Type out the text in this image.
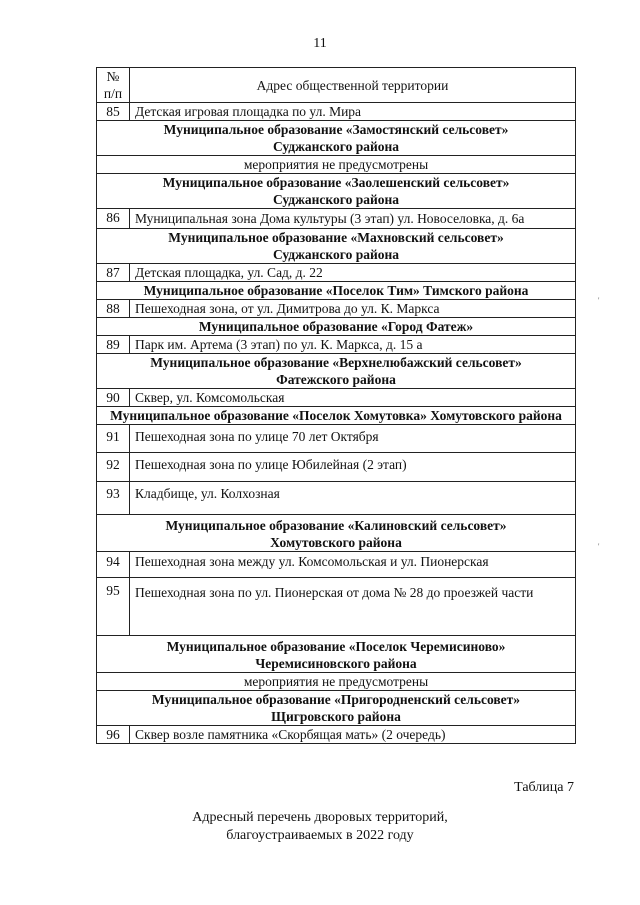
11
№ п/п	Адрес общественной территории
85	Детская игровая площадка по ул. Мира
Муниципальное образование «Замостянский сельсовет» Суджанского района	
мероприятия не предусмотрены	
Муниципальное образование «Заолешенский сельсовет» Суджанского района	
86	Муниципальная зона Дома культуры (3 этап) ул. Новоселовка, д. 6а
Муниципальное образование «Махновский сельсовет» Суджанского района	
87	Детская площадка, ул. Сад, д. 22
Муниципальное образование «Поселок Тим» Тимского района	
88	Пешеходная зона, от ул. Димитрова до ул. К. Маркса
Муниципальное образование «Город Фатеж»	
89	Парк им. Артема (3 этап) по ул. К. Маркса, д. 15 а
Муниципальное образование «Верхнелюбажский сельсовет» Фатежского района	
90	Сквер, ул. Комсомольская
Муниципальное образование «Поселок Хомутовка» Хомутовского района	
91	Пешеходная зона по улице 70 лет Октября
92	Пешеходная зона по улице Юбилейная (2 этап)
93	Кладбище, ул. Колхозная
Муниципальное образование «Калиновский сельсовет» Хомутовского района	
94	Пешеходная зона между ул. Комсомольская и ул. Пионерская
95	Пешеходная зона по ул. Пионерская от дома № 28 до проезжей части
Муниципальное образование «Поселок Черемисиново» Черемисиновского района	
мероприятия не предусмотрены	
Муниципальное образование «Пригородненский сельсовет» Щигровского района	
96	Сквер возле памятника «Скорбящая мать» (2 очередь)
Таблица 7
Адресный перечень дворовых территорий, благоустраиваемых в 2022 году
'
'
